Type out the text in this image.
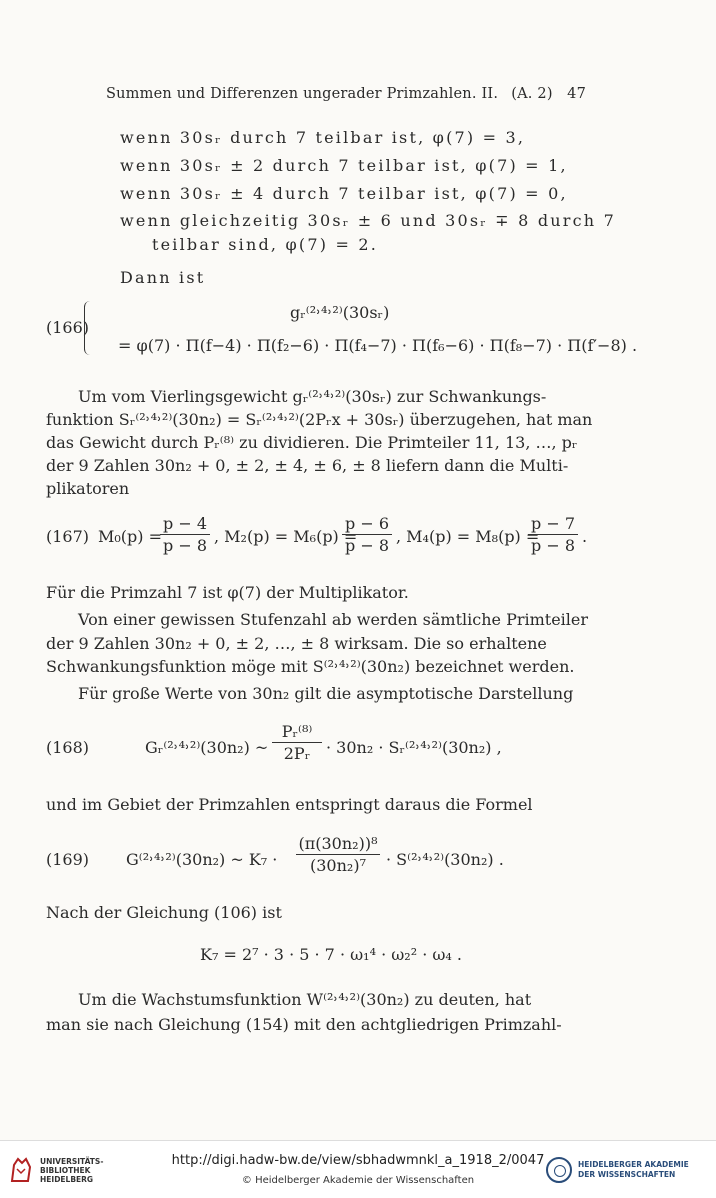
Summen und Differenzen ungerader Primzahlen. II. (A. 2) 47
wenn 30sᵣ durch 7 teilbar ist, φ(7) = 3,
wenn 30sᵣ ± 2 durch 7 teilbar ist, φ(7) = 1,
wenn 30sᵣ ± 4 durch 7 teilbar ist, φ(7) = 0,
wenn gleichzeitig 30sᵣ ± 6 und 30sᵣ ∓ 8 durch 7
teilbar sind, φ(7) = 2.
Dann ist
(166)
gᵣ⁽²˒⁴˒²⁾(30sᵣ)
= φ(7) · Π(f−4) · Π(f₂−6) · Π(f₄−7) · Π(f₆−6) · Π(f₈−7) · Π(f′−8) .
Um vom Vierlingsgewicht gᵣ⁽²˒⁴˒²⁾(30sᵣ) zur Schwankungs-
funktion Sᵣ⁽²˒⁴˒²⁾(30n₂) = Sᵣ⁽²˒⁴˒²⁾(2Pᵣx + 30sᵣ) überzugehen, hat man
das Gewicht durch Pᵣ⁽⁸⁾ zu dividieren. Die Primteiler 11, 13, …, pᵣ
der 9 Zahlen 30n₂ + 0, ± 2, ± 4, ± 6, ± 8 liefern dann die Multi-
plikatoren
(167) M₀(p) =
p − 4
p − 8 , M₂(p) = M₆(p) =
p − 6
p − 8 , M₄(p) = M₈(p) =
p − 7
p − 8 .
Für die Primzahl 7 ist φ(7) der Multiplikator.
Von einer gewissen Stufenzahl ab werden sämtliche Primteiler
der 9 Zahlen 30n₂ + 0, ± 2, …, ± 8 wirksam. Die so erhaltene
Schwankungsfunktion möge mit S⁽²˒⁴˒²⁾(30n₂) bezeichnet werden.
Für große Werte von 30n₂ gilt die asymptotische Darstellung
(168)	Gᵣ⁽²˒⁴˒²⁾(30n₂) ~
Pᵣ⁽⁸⁾
2Pᵣ · 30n₂ · Sᵣ⁽²˒⁴˒²⁾(30n₂) ,
und im Gebiet der Primzahlen entspringt daraus die Formel
(169) G⁽²˒⁴˒²⁾(30n₂) ~ K₇ ·
(π(30n₂))⁸
(30n₂)⁷	· S⁽²˒⁴˒²⁾(30n₂) .
Nach der Gleichung (106) ist
K₇ = 2⁷ · 3 · 5 · 7 · ω₁⁴ · ω₂² · ω₄ .
Um die Wachstumsfunktion W⁽²˒⁴˒²⁾(30n₂) zu deuten, hat
man sie nach Gleichung (154) mit den achtgliedrigen Primzahl-
UNIVERSITÄTS-
BIBLIOTHEK
HEIDELBERG
http://digi.hadw-bw.de/view/sbhadwmnkl_a_1918_2/0047
© Heidelberger Akademie der Wissenschaften
HEIDELBERGER AKADEMIE
DER WISSENSCHAFTEN
